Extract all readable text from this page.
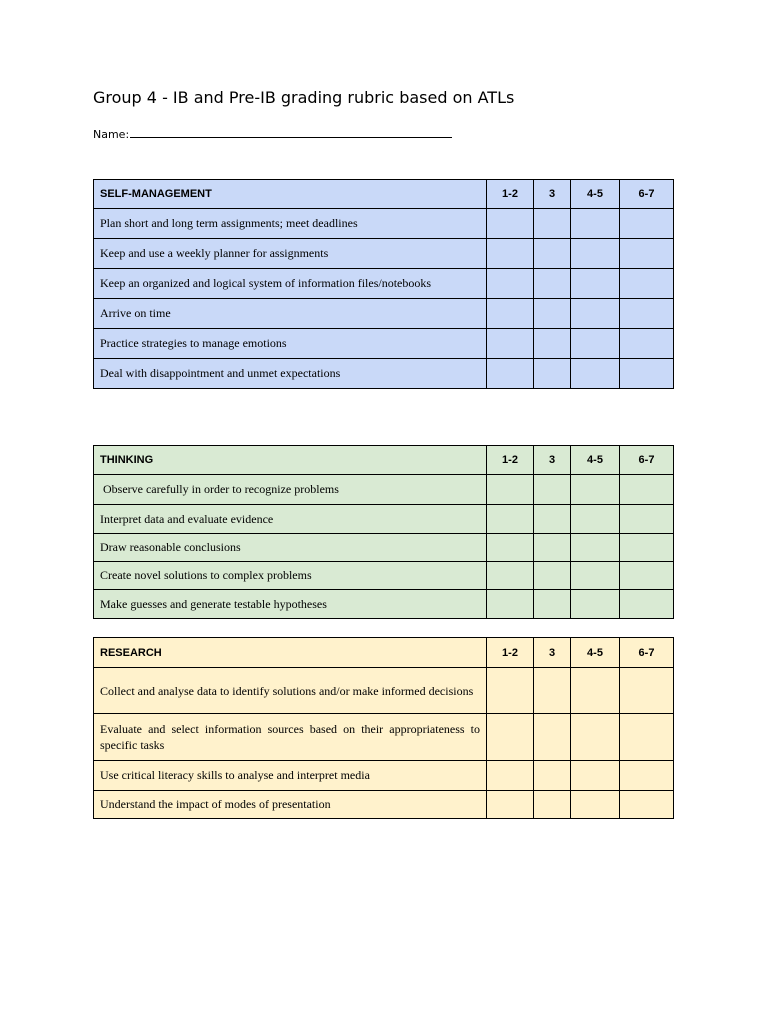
Group 4 - IB and Pre-IB grading rubric based on ATLs
Name:
SELF-MANAGEMENT	1-2	3	4-5	6-7
Plan short and long term assignments; meet deadlines				
Keep and use a weekly planner for assignments				
Keep an organized and logical system of information files/notebooks				
Arrive on time				
Practice strategies to manage emotions				
Deal with disappointment and unmet expectations				
THINKING	1-2	3	4-5	6-7
Observe carefully in order to recognize problems				
Interpret data and evaluate evidence				
Draw reasonable conclusions				
Create novel solutions to complex problems				
Make guesses and generate testable hypotheses				
RESEARCH	1-2	3	4-5	6-7
Collect and analyse data to identify solutions and/or make informed decisions				
Evaluate and select information sources based on their appropriateness to specific tasks				
Use critical literacy skills to analyse and interpret media				
Understand the impact of modes of presentation				
